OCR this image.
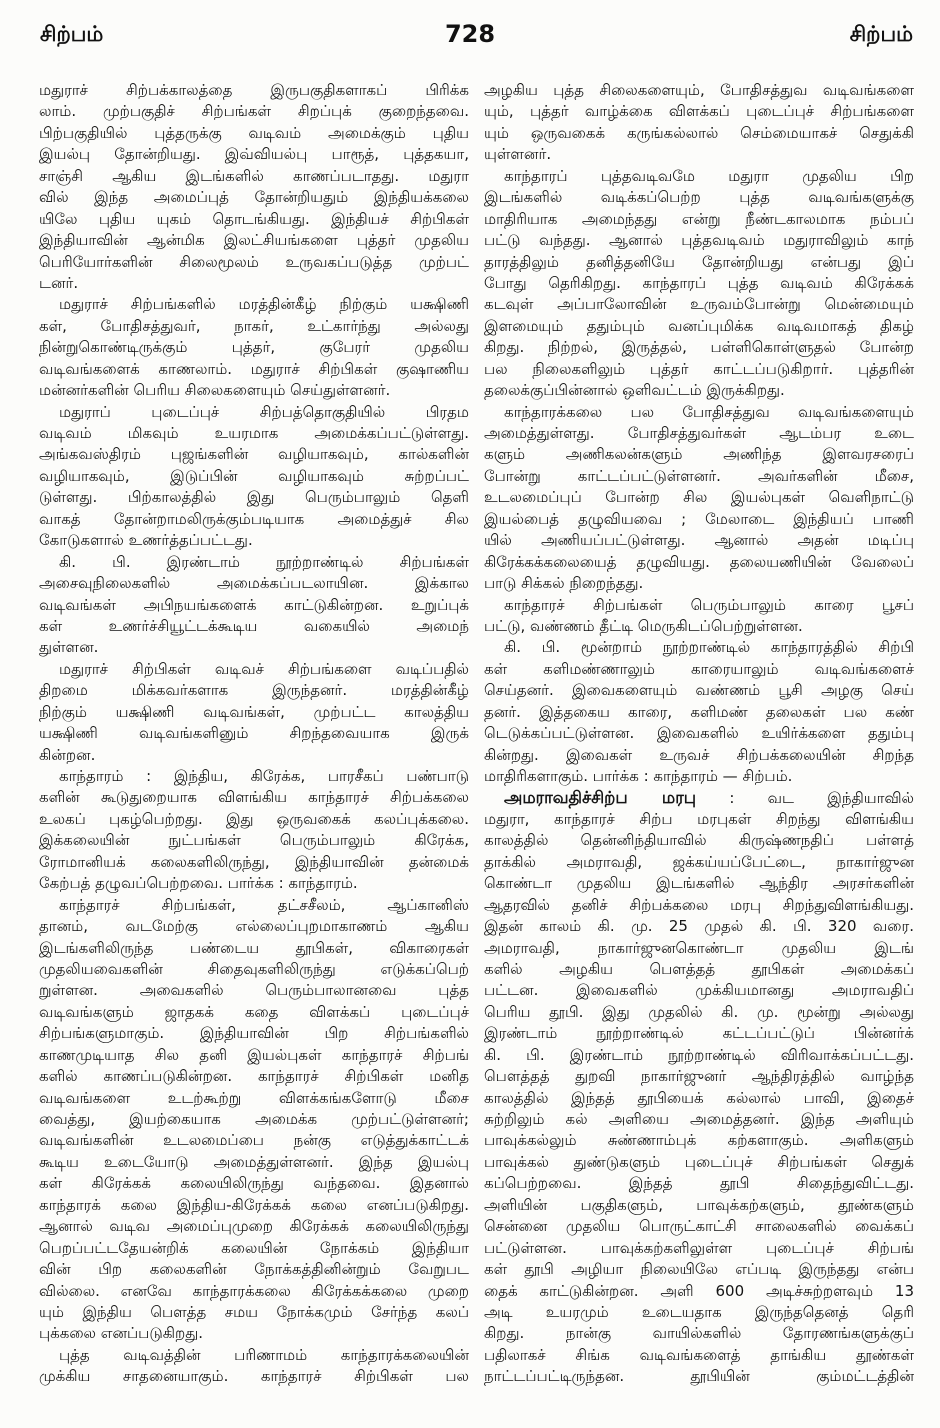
சிற்பம்	728	சிற்பம்
மதுராச் சிற்பக்காலத்தை இருபகுதிகளாகப் பிரிக்க
லாம். முற்பகுதிச் சிற்பங்கள் சிறப்புக் குறைந்தவை.
பிற்பகுதியில் புத்தருக்கு வடிவம் அமைக்கும் புதிய
இயல்பு தோன்றியது. இவ்வியல்பு பாரூத், புத்தகயா,
சாஞ்சி ஆகிய இடங்களில் காணப்படாதது. மதுரா
வில் இந்த அமைப்புத் தோன்றியதும் இந்தியக்கலை
யிலே புதிய யுகம் தொடங்கியது. இந்தியச் சிற்பிகள்
இந்தியாவின் ஆன்மிக இலட்சியங்களை புத்தர் முதலிய
பெரியோர்களின் சிலைமூலம் உருவகப்படுத்த முற்பட்
டனர்.
மதுராச் சிற்பங்களில் மரத்தின்கீழ் நிற்கும் யக்ஷிணி
கள், போதிசத்துவர், நாகர், உட்கார்ந்து அல்லது
நின்றுகொண்டிருக்கும் புத்தர், குபேரர் முதலிய
வடிவங்களைக் காணலாம். மதுராச் சிற்பிகள் குஷாணிய
மன்னர்களின் பெரிய சிலைகளையும் செய்துள்ளனர்.
மதுராப் புடைப்புச் சிற்பத்தொகுதியில் பிரதம
வடிவம் மிகவும் உயரமாக அமைக்கப்பட்டுள்ளது.
அங்கவஸ்திரம் புஜங்களின் வழியாகவும், கால்களின்
வழியாகவும், இடுப்பின் வழியாகவும் சுற்றப்பட்
டுள்ளது. பிற்காலத்தில் இது பெரும்பாலும் தெளி
வாகத் தோன்றாமலிருக்கும்படியாக அமைத்துச் சில
கோடுகளால் உணர்த்தப்பட்டது.
கி. பி. இரண்டாம் நூற்றாண்டில் சிற்பங்கள்
அசைவுநிலைகளில் அமைக்கப்படலாயின. இக்கால
வடிவங்கள் அபிநயங்களைக் காட்டுகின்றன. உறுப்புக்
கள் உணர்ச்சியூட்டக்கூடிய வகையில் அமைந்
துள்ளன.
மதுராச் சிற்பிகள் வடிவச் சிற்பங்களை வடிப்பதில்
திறமை மிக்கவர்களாக இருந்தனர். மரத்தின்கீழ்
நிற்கும் யக்ஷிணி வடிவங்கள், முற்பட்ட காலத்திய
யக்ஷிணி வடிவங்களினும் சிறந்தவையாக இருக்
கின்றன.
காந்தாரம் : இந்திய, கிரேக்க, பாரசீகப் பண்பாடு
களின் கூடுதுறையாக விளங்கிய காந்தாரச் சிற்பக்கலை
உலகப் புகழ்பெற்றது. இது ஒருவகைக் கலப்புக்கலை.
இக்கலையின் நுட்பங்கள் பெரும்பாலும் கிரேக்க,
ரோமானியக் கலைகளிலிருந்து, இந்தியாவின் தன்மைக்
கேற்பத் தழுவப்பெற்றவை. பார்க்க : காந்தாரம்.
காந்தாரச் சிற்பங்கள், தட்சசீலம், ஆப்கானிஸ்
தானம், வடமேற்கு எல்லைப்புறமாகாணம் ஆகிய
இடங்களிலிருந்த பண்டைய தூபிகள், விகாரைகள்
முதலியவைகளின் சிதைவுகளிலிருந்து எடுக்கப்பெற்
றுள்ளன. அவைகளில் பெரும்பாலானவை புத்த
வடிவங்களும் ஜாதகக் கதை விளக்கப் புடைப்புச்
சிற்பங்களுமாகும். இந்தியாவின் பிற சிற்பங்களில்
காணமுடியாத சில தனி இயல்புகள் காந்தாரச் சிற்பங்
களில் காணப்படுகின்றன. காந்தாரச் சிற்பிகள் மனித
வடிவங்களை உடற்கூற்று விளக்கங்களோடு மீசை
வைத்து, இயற்கையாக அமைக்க முற்பட்டுள்ளனர்;
வடிவங்களின் உடலமைப்பை நன்கு எடுத்துக்காட்டக்
கூடிய உடையோடு அமைத்துள்ளனர். இந்த இயல்பு
கள் கிரேக்கக் கலையிலிருந்து வந்தவை. இதனால்
காந்தாரக் கலை இந்திய-கிரேக்கக் கலை எனப்படுகிறது.
ஆனால் வடிவ அமைப்புமுறை கிரேக்கக் கலையிலிருந்து
பெறப்பட்டதேயன்றிக் கலையின் நோக்கம் இந்தியா
வின் பிற கலைகளின் நோக்கத்தினின்றும் வேறுபட
வில்லை. எனவே காந்தாரக்கலை கிரேக்கக்கலை முறை
யும் இந்திய பௌத்த சமய நோக்கமும் சேர்ந்த கலப்
புக்கலை எனப்படுகிறது.
புத்த வடிவத்தின் பரிணாமம் காந்தாரக்கலையின்
முக்கிய சாதனையாகும். காந்தாரச் சிற்பிகள் பல
அழகிய புத்த சிலைகளையும், போதிசத்துவ வடிவங்களை
யும், புத்தர் வாழ்க்கை விளக்கப் புடைப்புச் சிற்பங்களை
யும் ஒருவகைக் கருங்கல்லால் செம்மையாகச் செதுக்கி
யுள்ளனர்.
காந்தாரப் புத்தவடிவமே மதுரா முதலிய பிற
இடங்களில் வடிக்கப்பெற்ற புத்த வடிவங்களுக்கு
மாதிரியாக அமைந்தது என்று நீண்டகாலமாக நம்பப்
பட்டு வந்தது. ஆனால் புத்தவடிவம் மதுராவிலும் காந்
தாரத்திலும் தனித்தனியே தோன்றியது என்பது இப்
போது தெரிகிறது. காந்தாரப் புத்த வடிவம் கிரேக்கக்
கடவுள் அப்பாலோவின் உருவம்போன்று மென்மையும்
இளமையும் ததும்பும் வனப்புமிக்க வடிவமாகத் திகழ்
கிறது. நிற்றல், இருத்தல், பள்ளிகொள்ளுதல் போன்ற
பல நிலைகளிலும் புத்தர் காட்டப்படுகிறார். புத்தரின்
தலைக்குப்பின்னால் ஒளிவட்டம் இருக்கிறது.
காந்தாரக்கலை பல போதிசத்துவ வடிவங்களையும்
அமைத்துள்ளது. போதிசத்துவர்கள் ஆடம்பர உடை
களும் அணிகலன்களும் அணிந்த இளவரசரைப்
போன்று காட்டப்பட்டுள்ளனர். அவர்களின் மீசை,
உடலமைப்புப் போன்ற சில இயல்புகள் வெளிநாட்டு
இயல்பைத் தழுவியவை ; மேலாடை இந்தியப் பாணி
யில் அணியப்பட்டுள்ளது. ஆனால் அதன் மடிப்பு
கிரேக்கக்கலையைத் தழுவியது. தலையணியின் வேலைப்
பாடு சிக்கல் நிறைந்தது.
காந்தாரச் சிற்பங்கள் பெரும்பாலும் காரை பூசப்
பட்டு, வண்ணம் தீட்டி மெருகிடப்பெற்றுள்ளன.
கி. பி. மூன்றாம் நூற்றாண்டில் காந்தாரத்தில் சிற்பி
கள் களிமண்ணாலும் காரையாலும் வடிவங்களைச்
செய்தனர். இவைகளையும் வண்ணம் பூசி அழகு செய்
தனர். இத்தகைய காரை, களிமண் தலைகள் பல கண்
டெடுக்கப்பட்டுள்ளன. இவைகளில் உயிர்க்களை ததும்பு
கின்றது. இவைகள் உருவச் சிற்பக்கலையின் சிறந்த
மாதிரிகளாகும். பார்க்க : காந்தாரம் — சிற்பம்.
அமராவதிச்சிற்ப மரபு : வட இந்தியாவில்
மதுரா, காந்தாரச் சிற்ப மரபுகள் சிறந்து விளங்கிய
காலத்தில் தென்னிந்தியாவில் கிருஷ்ணநதிப் பள்ளத்
தாக்கில் அமராவதி, ஜக்கய்யப்பேட்டை, நாகார்ஜுன
கொண்டா முதலிய இடங்களில் ஆந்திர அரசர்களின்
ஆதரவில் தனிச் சிற்பக்கலை மரபு சிறந்துவிளங்கியது.
இதன் காலம் கி. மு. 25 முதல் கி. பி. 320 வரை.
அமராவதி, நாகார்ஜுனகொண்டா முதலிய இடங்
களில் அழகிய பௌத்தத் தூபிகள் அமைக்கப்
பட்டன. இவைகளில் முக்கியமானது அமராவதிப்
பெரிய தூபி. இது முதலில் கி. மு. மூன்று அல்லது
இரண்டாம் நூற்றாண்டில் கட்டப்பட்டுப் பின்னர்க்
கி. பி. இரண்டாம் நூற்றாண்டில் விரிவாக்கப்பட்டது.
பௌத்தத் துறவி நாகார்ஜுனர் ஆந்திரத்தில் வாழ்ந்த
காலத்தில் இந்தத் தூபியைக் கல்லால் பாவி, இதைச்
சுற்றிலும் கல் அளியை அமைத்தனர். இந்த அளியும்
பாவுக்கல்லும் சுண்ணாம்புக் கற்களாகும். அளிகளும்
பாவுக்கல் துண்டுகளும் புடைப்புச் சிற்பங்கள் செதுக்
கப்பெற்றவை. இந்தத் தூபி சிதைந்துவிட்டது.
அளியின் பகுதிகளும், பாவுக்கற்களும், தூண்களும்
சென்னை முதலிய பொருட்காட்சி சாலைகளில் வைக்கப்
பட்டுள்ளன. பாவுக்கற்களிலுள்ள புடைப்புச் சிற்பங்
கள் தூபி அழியா நிலையிலே எப்படி இருந்தது என்ப
தைக் காட்டுகின்றன. அளி 600 அடிச்சுற்றளவும் 13
அடி உயரமும் உடையதாக இருந்ததெனத் தெரி
கிறது. நான்கு வாயில்களில் தோரணங்களுக்குப்
பதிலாகச் சிங்க வடிவங்களைத் தாங்கிய தூண்கள்
நாட்டப்பட்டிருந்தன. தூபியின் கும்மட்டத்தின்
